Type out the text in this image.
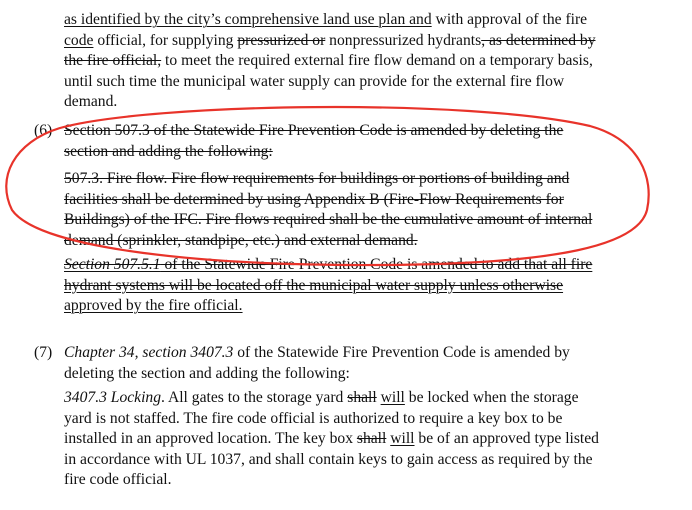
as identified by the city’s comprehensive land use plan and with approval of the fire
code official, for supplying pressurized or nonpressurized hydrants, as determined by
the fire official, to meet the required external fire flow demand on a temporary basis,
until such time the municipal water supply can provide for the external fire flow
demand.
(6) Section 507.3 of the Statewide Fire Prevention Code is amended by deleting the
section and adding the following:
507.3. Fire flow. Fire flow requirements for buildings or portions of building and
facilities shall be determined by using Appendix B (Fire-Flow Requirements for
Buildings) of the IFC. Fire flows required shall be the cumulative amount of internal
demand (sprinkler, standpipe, etc.) and external demand.
Section 507.5.1 of the Statewide Fire Prevention Code is amended to add that all fire
hydrant systems will be located off the municipal water supply unless otherwise
approved by the fire official.
(7) Chapter 34, section 3407.3 of the Statewide Fire Prevention Code is amended by
deleting the section and adding the following:
3407.3 Locking. All gates to the storage yard shall will be locked when the storage
yard is not staffed. The fire code official is authorized to require a key box to be
installed in an approved location. The key box shall will be of an approved type listed
in accordance with UL 1037, and shall contain keys to gain access as required by the
fire code official.
